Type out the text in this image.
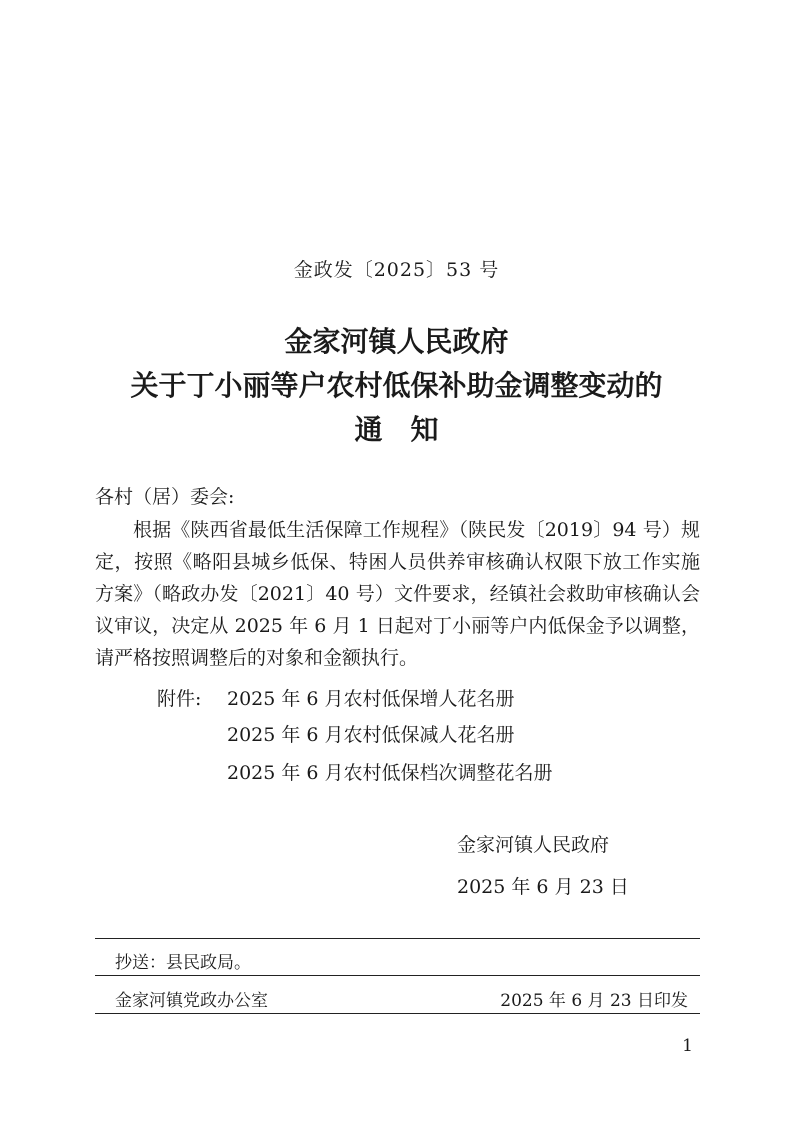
金政发〔2025〕53 号
金家河镇人民政府
关于丁小丽等户农村低保补助金调整变动的
通知
各村（居）委会:
根据《陕西省最低生活保障工作规程》（陕民发〔2019〕94 号）规定，按照《略阳县城乡低保、特困人员供养审核确认权限下放工作实施方案》（略政办发〔2021〕40 号）文件要求，经镇社会救助审核确认会议审议，决定从 2025 年 6 月 1 日起对丁小丽等户内低保金予以调整，请严格按照调整后的对象和金额执行。
附件: 2025 年 6 月农村低保增人花名册
2025 年 6 月农村低保减人花名册
2025 年 6 月农村低保档次调整花名册
金家河镇人民政府
2025 年 6 月 23 日
抄送：县民政局。
金家河镇党政办公室	2025 年 6 月 23 日印发
1
